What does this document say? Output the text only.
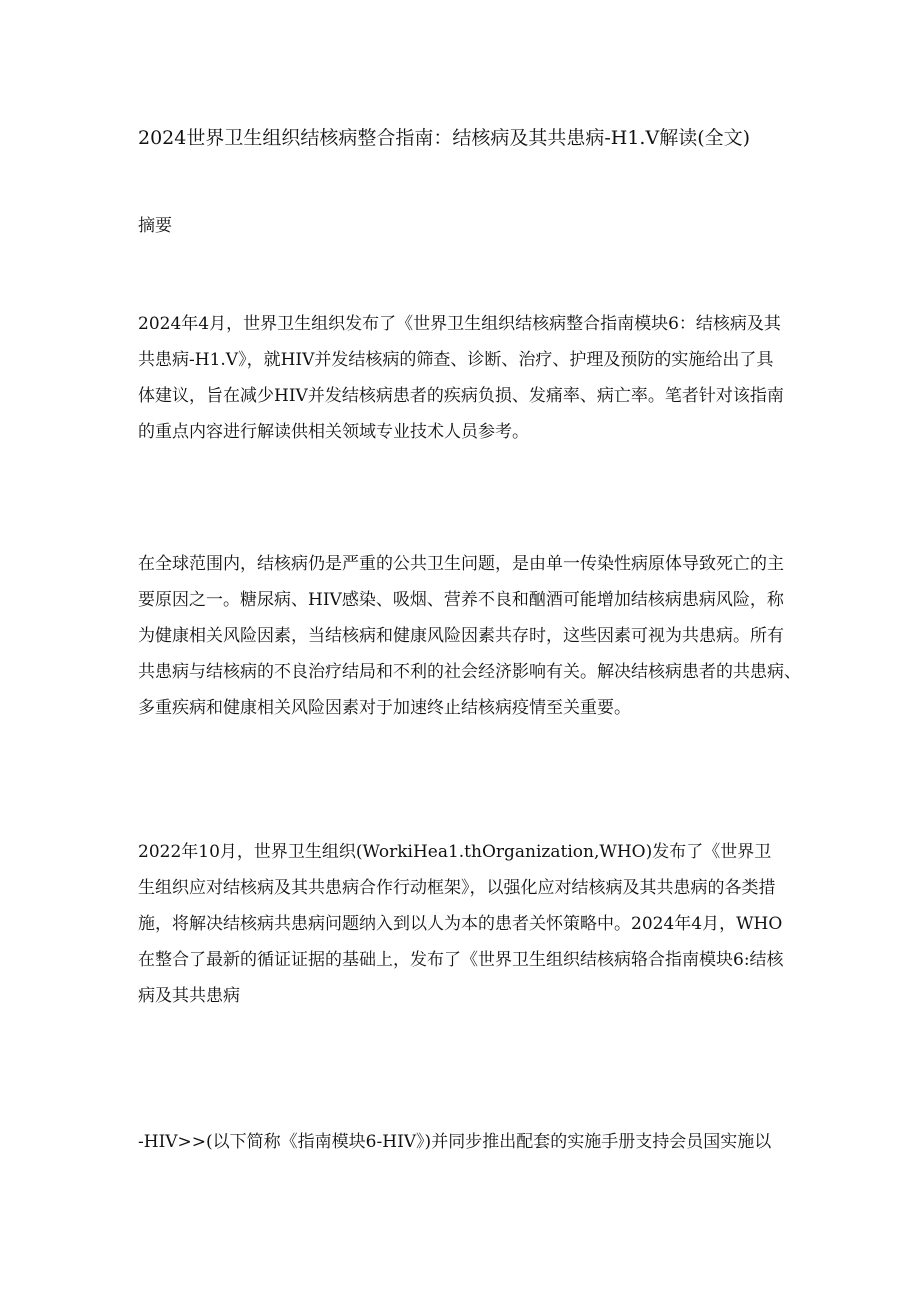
2024世界卫生组织结核病整合指南：结核病及其共患病-H1.V解读(全文)
摘要

2024年4月，世界卫生组织发布了《世界卫生组织结核病整合指南模块6：结核病及其
共患病-H1.V》，就HIV并发结核病的筛查、诊断、治疗、护理及预防的实施给出了具
体建议，旨在减少HIV并发结核病患者的疾病负损、发痛率、病亡率。笔者针对该指南
的重点内容进行解读供相关领域专业技术人员参考。

在全球范围内，结核病仍是严重的公共卫生问题，是由单一传染性病原体导致死亡的主
要原因之一。糖尿病、HIV感染、吸烟、营养不良和酗酒可能增加结核病患病风险，称
为健康相关风险因素，当结核病和健康风险因素共存时，这些因素可视为共患病。所有
共患病与结核病的不良治疗结局和不利的社会经济影响有关。解决结核病患者的共患病、
多重疾病和健康相关风险因素对于加速终止结核病疫情至关重要。

2022年10月，世界卫生组织(WorkiHea1.thOrganization,WHO)发布了《世界卫
生组织应对结核病及其共患病合作行动框架》，以强化应对结核病及其共患病的各类措
施，将解决结核病共患病问题纳入到以人为本的患者关怀策略中。2024年4月，WHO
在整合了最新的循证证据的基础上，发布了《世界卫生组织结核病辂合指南模块6:结核
病及其共患病

-HIV>>(以下简称《指南模块6-HIV》)并同步推出配套的实施手册支持会员国实施以
